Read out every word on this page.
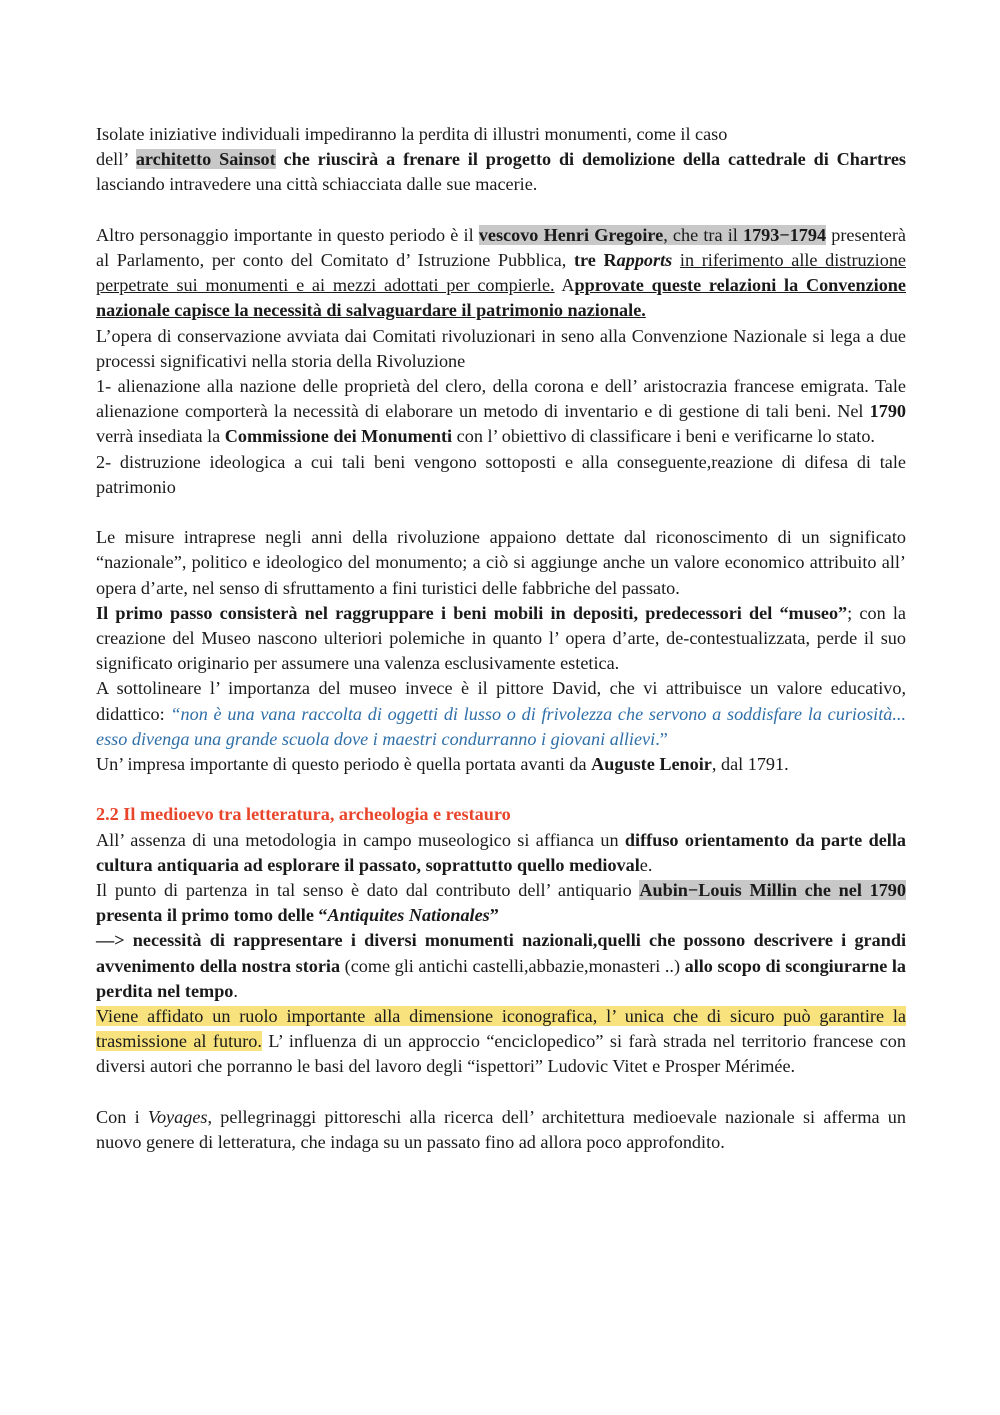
Isolate iniziative individuali impediranno la perdita di illustri monumenti, come il caso
dell’ architetto Sainsot che riuscirà a frenare il progetto di demolizione della cattedrale di Chartres lasciando intravedere una città schiacciata dalle sue macerie.

Altro personaggio importante in questo periodo è il vescovo Henri Gregoire, che tra il 1793−1794 presenterà al Parlamento, per conto del Comitato d’ Istruzione Pubblica, tre Rapports in riferimento alle distruzione perpetrate sui monumenti e ai mezzi adottati per compierle. Approvate queste relazioni la Convenzione nazionale capisce la necessità di salvaguardare il patrimonio nazionale.

L’opera di conservazione avviata dai Comitati rivoluzionari in seno alla Convenzione Nazionale si lega a due processi significativi nella storia della Rivoluzione

1- alienazione alla nazione delle proprietà del clero, della corona e dell’ aristocrazia francese emigrata. Tale alienazione comporterà la necessità di elaborare un metodo di inventario e di gestione di tali beni. Nel 1790 verrà insediata la Commissione dei Monumenti con l’ obiettivo di classificare i beni e verificarne lo stato.

2- distruzione ideologica a cui tali beni vengono sottoposti e alla conseguente,reazione di difesa di tale patrimonio

Le misure intraprese negli anni della rivoluzione appaiono dettate dal riconoscimento di un significato “nazionale”, politico e ideologico del monumento; a ciò si aggiunge anche un valore economico attribuito all’ opera d’arte, nel senso di sfruttamento a fini turistici delle fabbriche del passato.

Il primo passo consisterà nel raggruppare i beni mobili in depositi, predecessori del “museo”; con la creazione del Museo nascono ulteriori polemiche in quanto l’ opera d’arte, de-contestualizzata, perde il suo significato originario per assumere una valenza esclusivamente estetica.

A sottolineare l’ importanza del museo invece è il pittore David, che vi attribuisce un valore educativo, didattico: “non è una vana raccolta di oggetti di lusso o di frivolezza che servono a soddisfare la curiosità... esso divenga una grande scuola dove i maestri condurranno i giovani allievi.”

Un’ impresa importante di questo periodo è quella portata avanti da Auguste Lenoir, dal 1791.

2.2 Il medioevo tra letteratura, archeologia e restauro

All’ assenza di una metodologia in campo museologico si affianca un diffuso orientamento da parte della cultura antiquaria ad esplorare il passato, soprattutto quello mediovale.

Il punto di partenza in tal senso è dato dal contributo dell’ antiquario Aubin−Louis Millin che nel 1790 presenta il primo tomo delle “Antiquites Nationales”

—> necessità di rappresentare i diversi monumenti nazionali,quelli che possono descrivere i grandi avvenimento della nostra storia (come gli antichi castelli,abbazie,monasteri ..) allo scopo di scongiurarne la perdita nel tempo.

Viene affidato un ruolo importante alla dimensione iconografica, l’ unica che di sicuro può garantire la trasmissione al futuro. L’ influenza di un approccio “enciclopedico” si farà strada nel territorio francese con diversi autori che porranno le basi del lavoro degli “ispettori” Ludovic Vitet e Prosper Mérimée.

Con i Voyages, pellegrinaggi pittoreschi alla ricerca dell’ architettura medioevale nazionale si afferma un nuovo genere di letteratura, che indaga su un passato fino ad allora poco approfondito.
